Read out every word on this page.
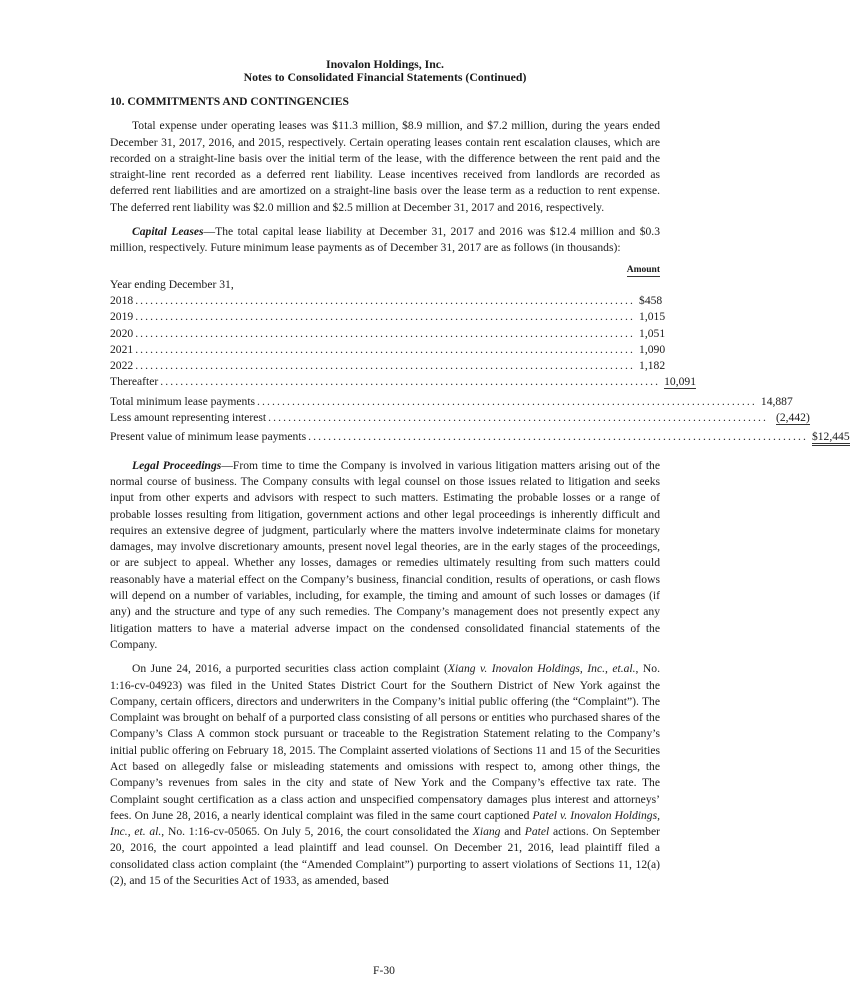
Inovalon Holdings, Inc.
Notes to Consolidated Financial Statements (Continued)
10. COMMITMENTS AND CONTINGENCIES

Total expense under operating leases was $11.3 million, $8.9 million, and $7.2 million, during the years ended December 31, 2017, 2016, and 2015, respectively. Certain operating leases contain rent escalation clauses, which are recorded on a straight-line basis over the initial term of the lease, with the difference between the rent paid and the straight-line rent recorded as a deferred rent liability. Lease incentives received from landlords are recorded as deferred rent liabilities and are amortized on a straight-line basis over the lease term as a reduction to rent expense. The deferred rent liability was $2.0 million and $2.5 million at December 31, 2017 and 2016, respectively.

Capital Leases—The total capital lease liability at December 31, 2017 and 2016 was $12.4 million and $0.3 million, respectively. Future minimum lease payments as of December 31, 2017 are as follows (in thousands):

Amount
Year ending December 31,
2018 .................................................................................................... $ 458
2019 .................................................................................................... 1,015
2020 .................................................................................................... 1,051
2021 .................................................................................................... 1,090
2022 .................................................................................................... 1,182
Thereafter .................................................................................................... 10,091
Total minimum lease payments .................................................................................................... 14,887
Less amount representing interest .................................................................................................... (2,442)
Present value of minimum lease payments .................................................................................................... $12,445

Legal Proceedings—From time to time the Company is involved in various litigation matters arising out of the normal course of business. The Company consults with legal counsel on those issues related to litigation and seeks input from other experts and advisors with respect to such matters. Estimating the probable losses or a range of probable losses resulting from litigation, government actions and other legal proceedings is inherently difficult and requires an extensive degree of judgment, particularly where the matters involve indeterminate claims for monetary damages, may involve discretionary amounts, present novel legal theories, are in the early stages of the proceedings, or are subject to appeal. Whether any losses, damages or remedies ultimately resulting from such matters could reasonably have a material effect on the Company’s business, financial condition, results of operations, or cash flows will depend on a number of variables, including, for example, the timing and amount of such losses or damages (if any) and the structure and type of any such remedies. The Company’s management does not presently expect any litigation matters to have a material adverse impact on the condensed consolidated financial statements of the Company.

On June 24, 2016, a purported securities class action complaint (Xiang v. Inovalon Holdings, Inc., et.al., No. 1:16-cv-04923) was filed in the United States District Court for the Southern District of New York against the Company, certain officers, directors and underwriters in the Company’s initial public offering (the “Complaint”). The Complaint was brought on behalf of a purported class consisting of all persons or entities who purchased shares of the Company’s Class A common stock pursuant or traceable to the Registration Statement relating to the Company’s initial public offering on February 18, 2015. The Complaint asserted violations of Sections 11 and 15 of the Securities Act based on allegedly false or misleading statements and omissions with respect to, among other things, the Company’s revenues from sales in the city and state of New York and the Company’s effective tax rate. The Complaint sought certification as a class action and unspecified compensatory damages plus interest and attorneys’ fees. On June 28, 2016, a nearly identical complaint was filed in the same court captioned Patel v. Inovalon Holdings, Inc., et. al., No. 1:16-cv-05065. On July 5, 2016, the court consolidated the Xiang and Patel actions. On September 20, 2016, the court appointed a lead plaintiff and lead counsel. On December 21, 2016, lead plaintiff filed a consolidated class action complaint (the “Amended Complaint”) purporting to assert violations of Sections 11, 12(a)(2), and 15 of the Securities Act of 1933, as amended, based

F-30
